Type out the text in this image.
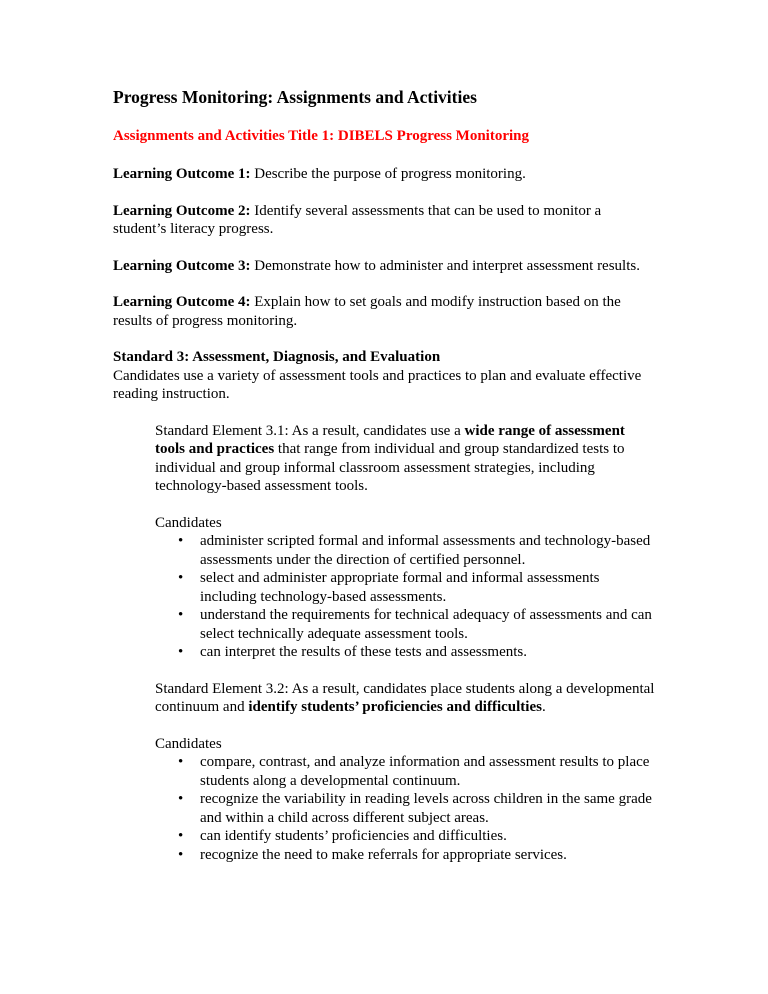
Progress Monitoring: Assignments and Activities
Assignments and Activities Title 1: DIBELS Progress Monitoring

Learning Outcome 1: Describe the purpose of progress monitoring.

Learning Outcome 2: Identify several assessments that can be used to monitor a student’s literacy progress.

Learning Outcome 3: Demonstrate how to administer and interpret assessment results.

Learning Outcome 4: Explain how to set goals and modify instruction based on the results of progress monitoring.

Standard 3: Assessment, Diagnosis, and Evaluation
Candidates use a variety of assessment tools and practices to plan and evaluate effective reading instruction.

Standard Element 3.1: As a result, candidates use a wide range of assessment tools and practices that range from individual and group standardized tests to individual and group informal classroom assessment strategies, including technology-based assessment tools.

Candidates

• administer scripted formal and informal assessments and technology-based assessments under the direction of certified personnel.
• select and administer appropriate formal and informal assessments including technology-based assessments.
• understand the requirements for technical adequacy of assessments and can select technically adequate assessment tools.
• can interpret the results of these tests and assessments.

Standard Element 3.2: As a result, candidates place students along a developmental continuum and identify students’ proficiencies and difficulties.

Candidates

• compare, contrast, and analyze information and assessment results to place students along a developmental continuum.
• recognize the variability in reading levels across children in the same grade and within a child across different subject areas.
• can identify students’ proficiencies and difficulties.
• recognize the need to make referrals for appropriate services.
